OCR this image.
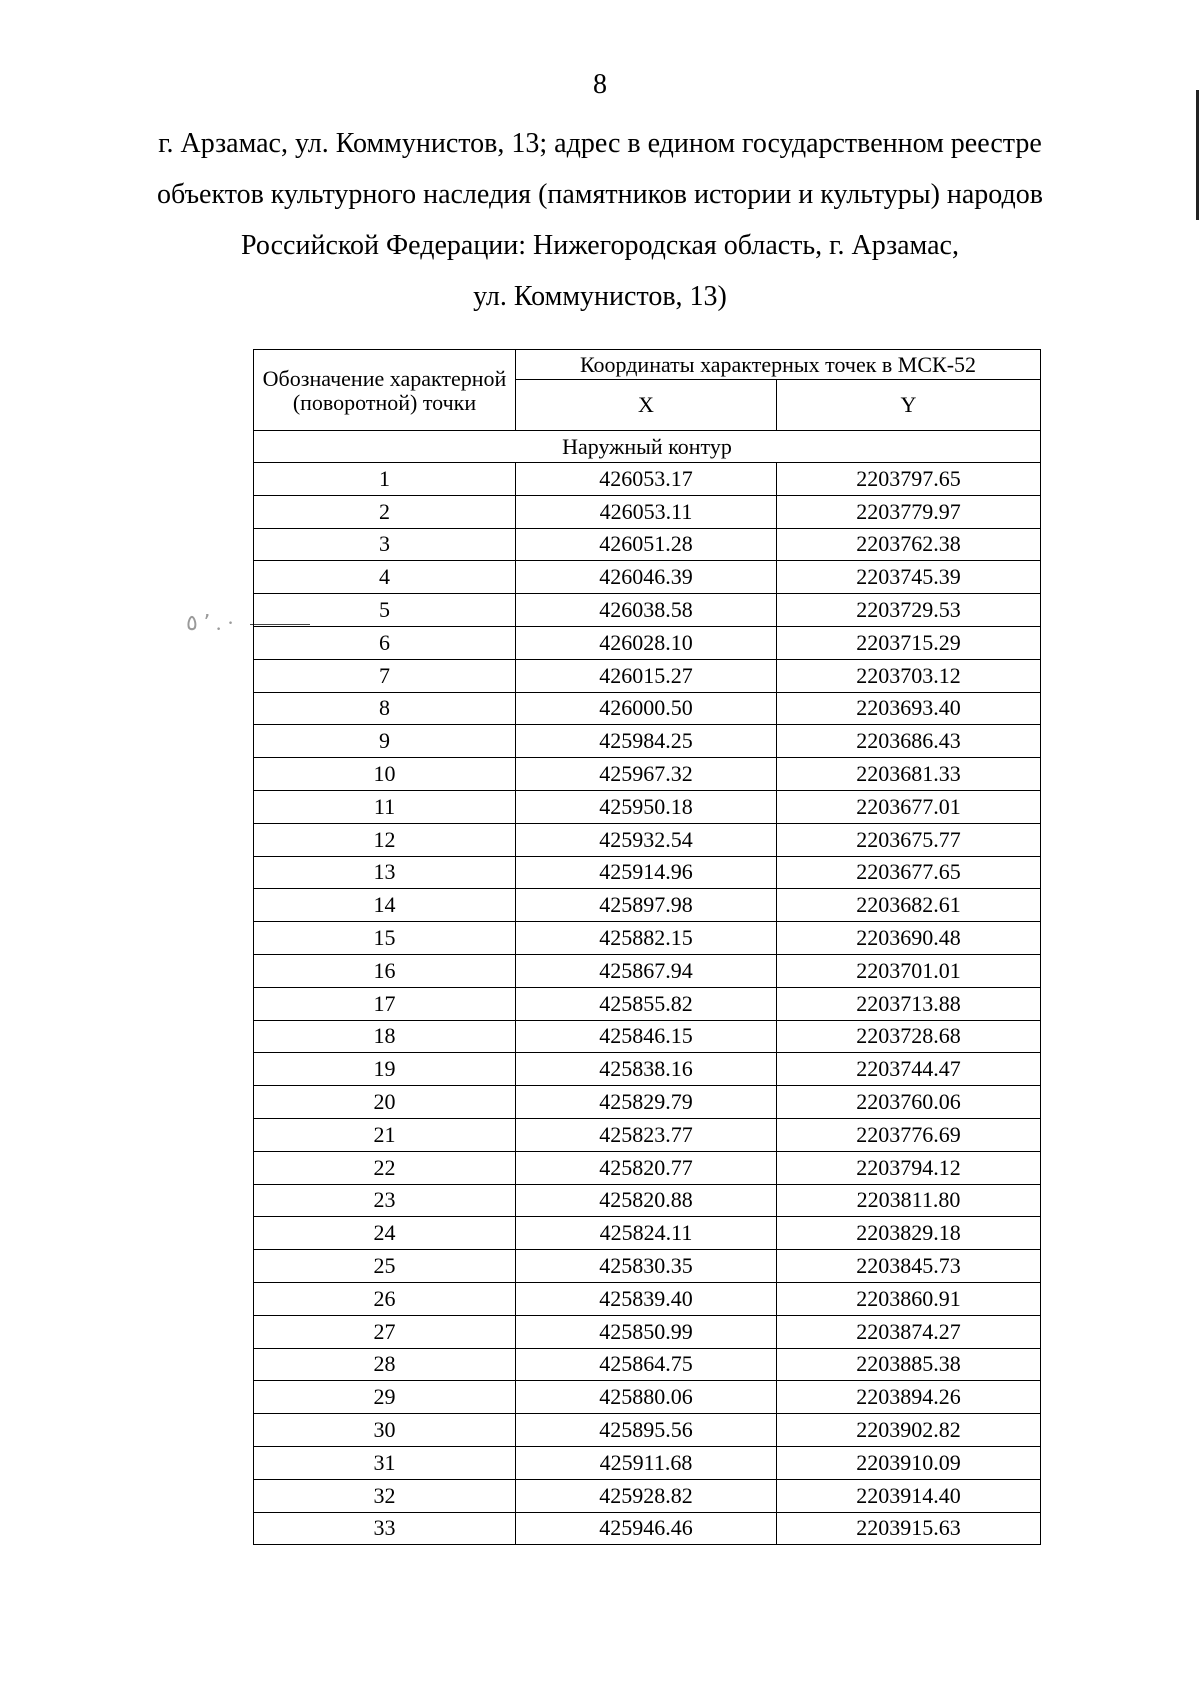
8
г. Арзамас, ул. Коммунистов, 13; адрес в едином государственном реестре
объектов культурного наследия (памятников истории и культуры) народов
Российской Федерации: Нижегородская область, г. Арзамас,
ул. Коммунистов, 13)
٬ ٥ . ·
Обозначение характерной (поворотной) точки	Координаты характерных точек в МСК-52	
	X	Y
Наружный контур		
1	426053.17	2203797.65
2	426053.11	2203779.97
3	426051.28	2203762.38
4	426046.39	2203745.39
5	426038.58	2203729.53
6	426028.10	2203715.29
7	426015.27	2203703.12
8	426000.50	2203693.40
9	425984.25	2203686.43
10	425967.32	2203681.33
11	425950.18	2203677.01
12	425932.54	2203675.77
13	425914.96	2203677.65
14	425897.98	2203682.61
15	425882.15	2203690.48
16	425867.94	2203701.01
17	425855.82	2203713.88
18	425846.15	2203728.68
19	425838.16	2203744.47
20	425829.79	2203760.06
21	425823.77	2203776.69
22	425820.77	2203794.12
23	425820.88	2203811.80
24	425824.11	2203829.18
25	425830.35	2203845.73
26	425839.40	2203860.91
27	425850.99	2203874.27
28	425864.75	2203885.38
29	425880.06	2203894.26
30	425895.56	2203902.82
31	425911.68	2203910.09
32	425928.82	2203914.40
33	425946.46	2203915.63
